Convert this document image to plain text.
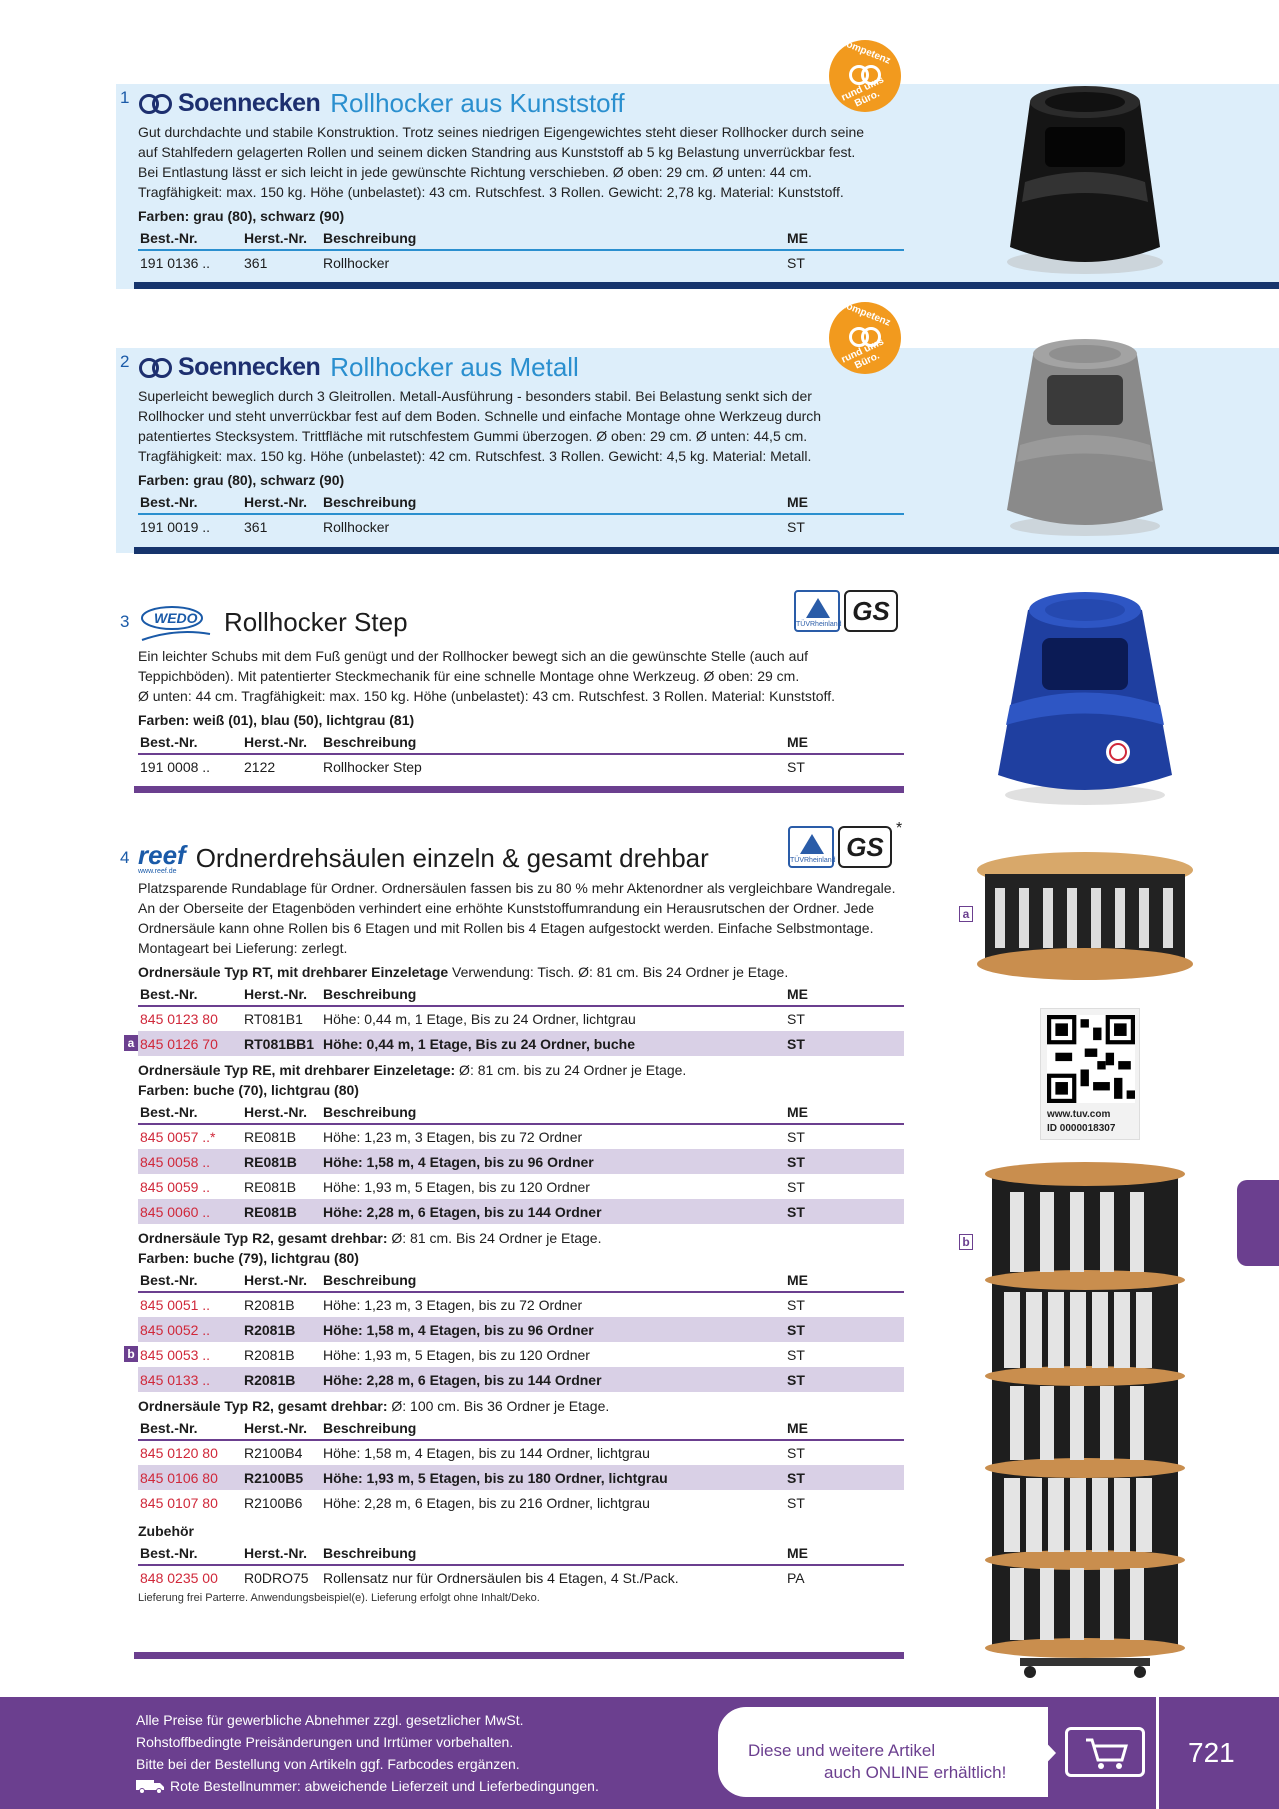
1 Soennecken Rollhocker aus Kunststoff
Gut durchdachte und stabile Konstruktion. Trotz seines niedrigen Eigengewichtes steht dieser Rollhocker durch seine
auf Stahlfedern gelagerten Rollen und seinem dicken Standring aus Kunststoff ab 5 kg Belastung unverrückbar fest.
Bei Entlastung lässt er sich leicht in jede gewünschte Richtung verschieben. Ø oben: 29 cm. Ø unten: 44 cm.
Tragfähigkeit: max. 150 kg. Höhe (unbelastet): 43 cm. Rutschfest. 3 Rollen. Gewicht: 2,78 kg. Material: Kunststoff.
Farben: grau (80), schwarz (90)
Best.-Nr.	Herst.-Nr.	Beschreibung	ME
191 0136 ..	361	Rollhocker	ST
Kompetenz
rund ums Büro.
2 Soennecken Rollhocker aus Metall
Superleicht beweglich durch 3 Gleitrollen. Metall-Ausführung - besonders stabil. Bei Belastung senkt sich der
Rollhocker und steht unverrückbar fest auf dem Boden. Schnelle und einfache Montage ohne Werkzeug durch
patentiertes Stecksystem. Trittfläche mit rutschfestem Gummi überzogen. Ø oben: 29 cm. Ø unten: 44,5 cm.
Tragfähigkeit: max. 150 kg. Höhe (unbelastet): 42 cm. Rutschfest. 3 Rollen. Gewicht: 4,5 kg. Material: Metall.
Farben: grau (80), schwarz (90)
Best.-Nr.	Herst.-Nr.	Beschreibung	ME
191 0019 ..	361	Rollhocker	ST
Kompetenz
rund ums Büro.
3 WEDO Rollhocker Step
Ein leichter Schubs mit dem Fuß genügt und der Rollhocker bewegt sich an die gewünschte Stelle (auch auf
Teppichböden). Mit patentierter Steckmechanik für eine schnelle Montage ohne Werkzeug. Ø oben: 29 cm.
Ø unten: 44 cm. Tragfähigkeit: max. 150 kg. Höhe (unbelastet): 43 cm. Rutschfest. 3 Rollen. Material: Kunststoff.
Farben: weiß (01), blau (50), lichtgrau (81)
Best.-Nr.	Herst.-Nr.	Beschreibung	ME
191 0008 ..	2122	Rollhocker Step	ST
TÜVRheinland GS
4 reef
www.reef.de Ordnerdrehsäulen einzeln & gesamt drehbar
Platzsparende Rundablage für Ordner. Ordnersäulen fassen bis zu 80 % mehr Aktenordner als vergleichbare Wandregale.
An der Oberseite der Etagenböden verhindert eine erhöhte Kunststoffumrandung ein Herausrutschen der Ordner. Jede
Ordnersäule kann ohne Rollen bis 6 Etagen und mit Rollen bis 4 Etagen aufgestockt werden. Einfache Selbstmontage.
Montageart bei Lieferung: zerlegt.
Ordnersäule Typ RT, mit drehbarer Einzeletage Verwendung: Tisch. Ø: 81 cm. Bis 24 Ordner je Etage.
Best.-Nr.	Herst.-Nr.	Beschreibung	ME
845 0123 80	RT081B1	Höhe: 0,44 m, 1 Etage, Bis zu 24 Ordner, lichtgrau	ST

a 845 0126 70	RT081BB1	Höhe: 0,44 m, 1 Etage, Bis zu 24 Ordner, buche	ST
Ordnersäule Typ RE, mit drehbarer Einzeletage: Ø: 81 cm. bis zu 24 Ordner je Etage.
Farben: buche (70), lichtgrau (80)
Best.-Nr.	Herst.-Nr.	Beschreibung	ME
845 0057 ..*	RE081B	Höhe: 1,23 m, 3 Etagen, bis zu 72 Ordner	ST
845 0058 ..	RE081B	Höhe: 1,58 m, 4 Etagen, bis zu 96 Ordner	ST
845 0059 ..	RE081B	Höhe: 1,93 m, 5 Etagen, bis zu 120 Ordner	ST
845 0060 ..	RE081B	Höhe: 2,28 m, 6 Etagen, bis zu 144 Ordner	ST
Ordnersäule Typ R2, gesamt drehbar: Ø: 81 cm. Bis 24 Ordner je Etage.
Farben: buche (79), lichtgrau (80)
Best.-Nr.	Herst.-Nr.	Beschreibung	ME
845 0051 ..	R2081B	Höhe: 1,23 m, 3 Etagen, bis zu 72 Ordner	ST
845 0052 ..	R2081B	Höhe: 1,58 m, 4 Etagen, bis zu 96 Ordner	ST

b 845 0053 ..	R2081B	Höhe: 1,93 m, 5 Etagen, bis zu 120 Ordner	ST
845 0133 ..	R2081B	Höhe: 2,28 m, 6 Etagen, bis zu 144 Ordner	ST
Ordnersäule Typ R2, gesamt drehbar: Ø: 100 cm. Bis 36 Ordner je Etage.
Best.-Nr.	Herst.-Nr.	Beschreibung	ME
845 0120 80	R2100B4	Höhe: 1,58 m, 4 Etagen, bis zu 144 Ordner, lichtgrau	ST
845 0106 80	R2100B5	Höhe: 1,93 m, 5 Etagen, bis zu 180 Ordner, lichtgrau	ST
845 0107 80	R2100B6	Höhe: 2,28 m, 6 Etagen, bis zu 216 Ordner, lichtgrau	ST
Zubehör
Best.-Nr.	Herst.-Nr.	Beschreibung	ME
848 0235 00	R0DRO75	Rollensatz nur für Ordnersäulen bis 4 Etagen, 4 St./Pack.	PA
Lieferung frei Parterre. Anwendungsbeispiel(e). Lieferung erfolgt ohne Inhalt/Deko.
TÜVRheinland GS
*
a
www.tuv.com
ID 0000018307
b
Alle Preise für gewerbliche Abnehmer zzgl. gesetzlicher MwSt.
Rohstoffbedingte Preisänderungen und Irrtümer vorbehalten.
Bitte bei der Bestellung von Artikeln ggf. Farbcodes ergänzen.
Rote Bestellnummer: abweichende Lieferzeit und Lieferbedingungen.
Diese und weitere Artikel
auch ONLINE erhältlich!
721
